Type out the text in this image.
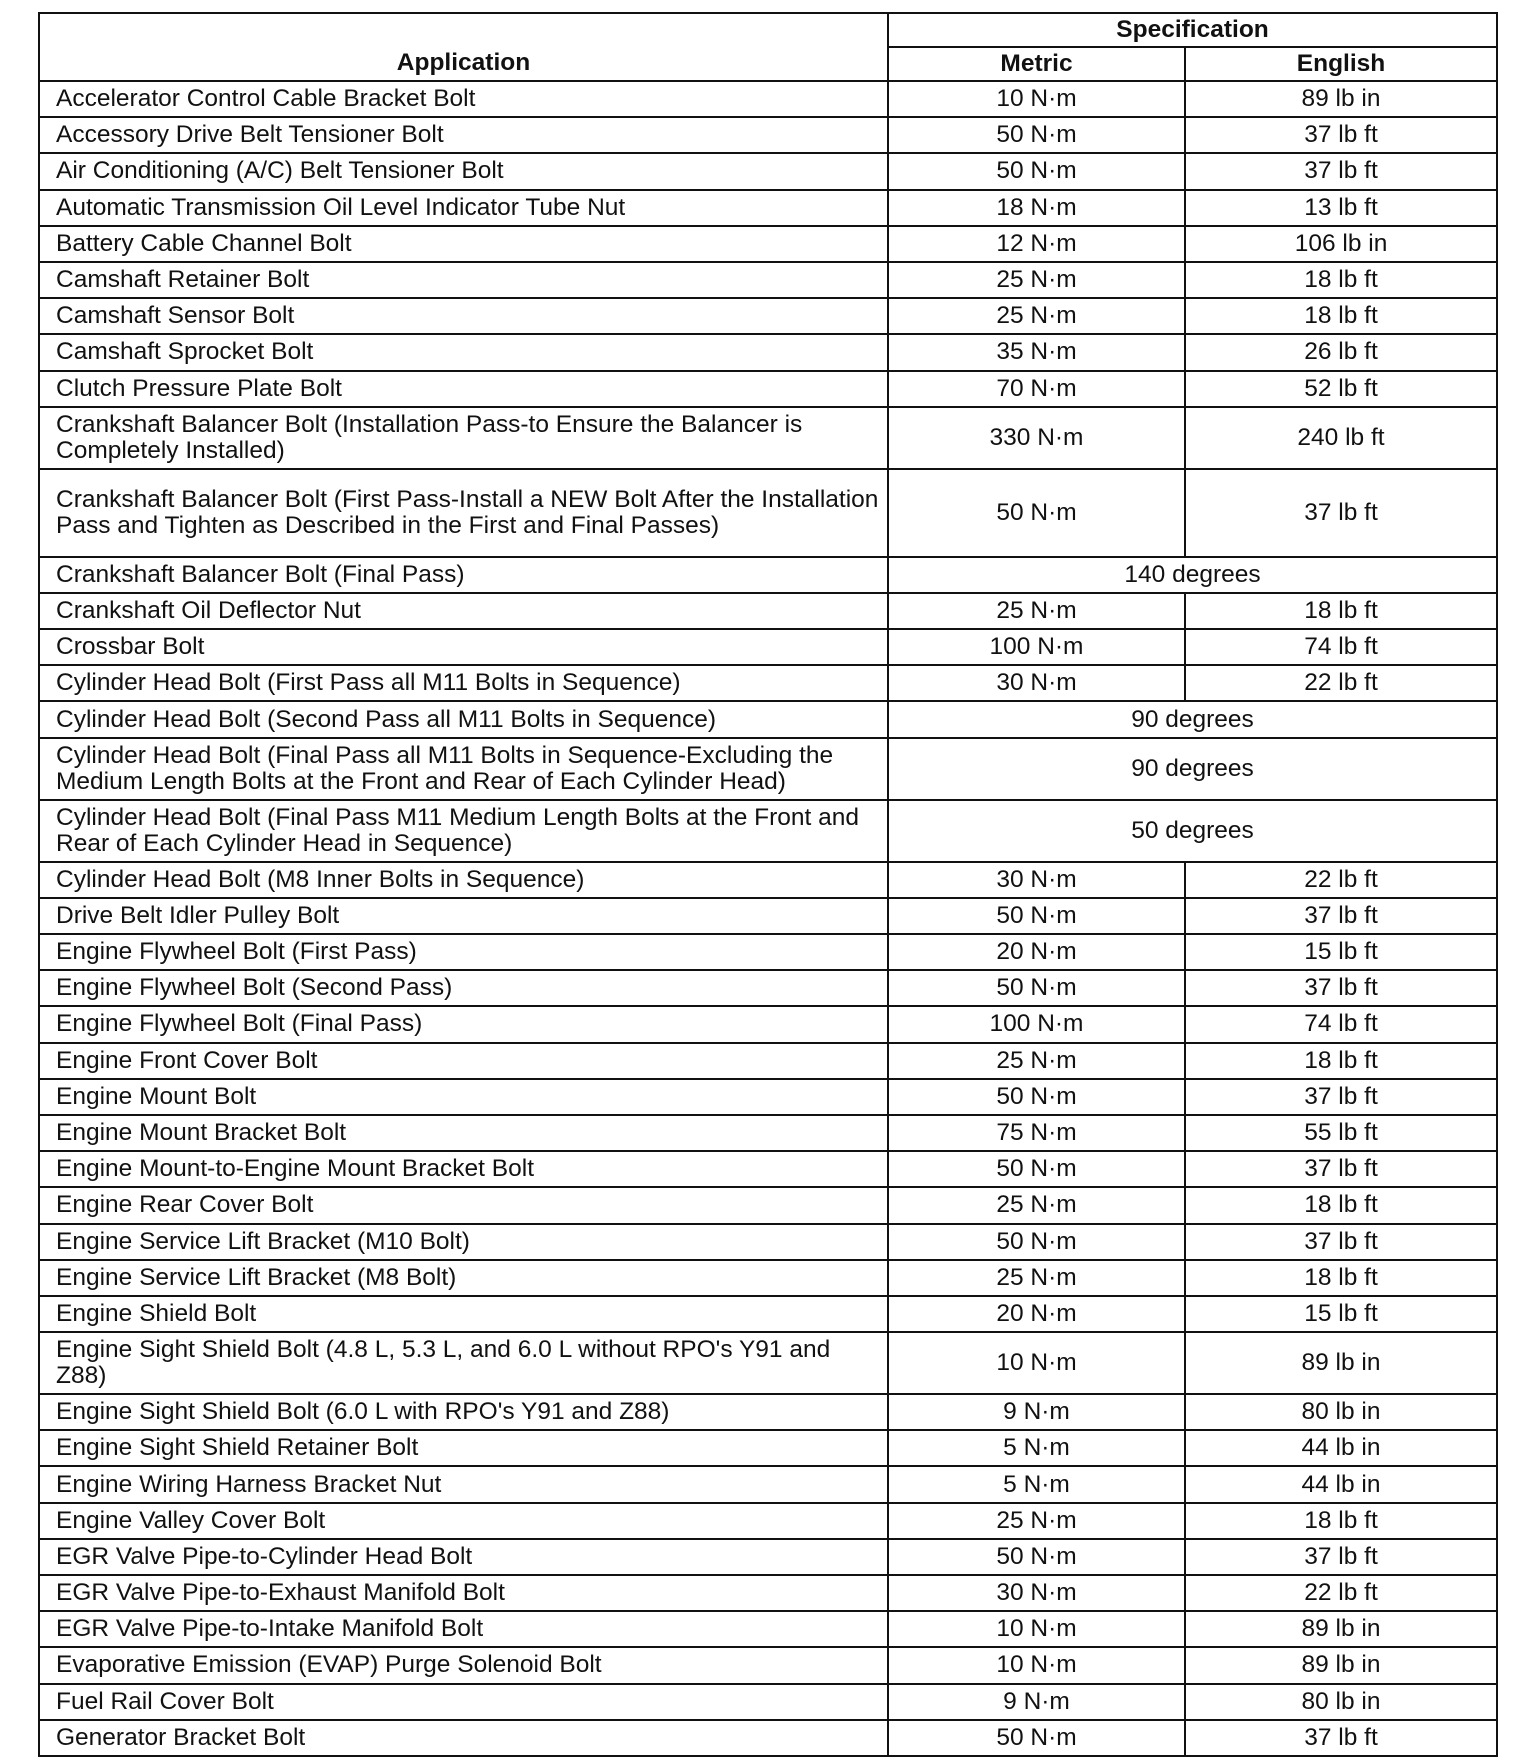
Application	Specification	
	Metric	English
Accelerator Control Cable Bracket Bolt	10 N·m	89 lb in
Accessory Drive Belt Tensioner Bolt	50 N·m	37 lb ft
Air Conditioning (A/C) Belt Tensioner Bolt	50 N·m	37 lb ft
Automatic Transmission Oil Level Indicator Tube Nut	18 N·m	13 lb ft
Battery Cable Channel Bolt	12 N·m	106 lb in
Camshaft Retainer Bolt	25 N·m	18 lb ft
Camshaft Sensor Bolt	25 N·m	18 lb ft
Camshaft Sprocket Bolt	35 N·m	26 lb ft
Clutch Pressure Plate Bolt	70 N·m	52 lb ft
Crankshaft Balancer Bolt (Installation Pass-to Ensure the Balancer is Completely Installed)	330 N·m	240 lb ft
Crankshaft Balancer Bolt (First Pass-Install a NEW Bolt After the Installation Pass and Tighten as Described in the First and Final Passes)	50 N·m	37 lb ft
Crankshaft Balancer Bolt (Final Pass)	140 degrees	
Crankshaft Oil Deflector Nut	25 N·m	18 lb ft
Crossbar Bolt	100 N·m	74 lb ft
Cylinder Head Bolt (First Pass all M11 Bolts in Sequence)	30 N·m	22 lb ft
Cylinder Head Bolt (Second Pass all M11 Bolts in Sequence)	90 degrees	
Cylinder Head Bolt (Final Pass all M11 Bolts in Sequence-Excluding the Medium Length Bolts at the Front and Rear of Each Cylinder Head)	90 degrees	
Cylinder Head Bolt (Final Pass M11 Medium Length Bolts at the Front and Rear of Each Cylinder Head in Sequence)	50 degrees	
Cylinder Head Bolt (M8 Inner Bolts in Sequence)	30 N·m	22 lb ft
Drive Belt Idler Pulley Bolt	50 N·m	37 lb ft
Engine Flywheel Bolt (First Pass)	20 N·m	15 lb ft
Engine Flywheel Bolt (Second Pass)	50 N·m	37 lb ft
Engine Flywheel Bolt (Final Pass)	100 N·m	74 lb ft
Engine Front Cover Bolt	25 N·m	18 lb ft
Engine Mount Bolt	50 N·m	37 lb ft
Engine Mount Bracket Bolt	75 N·m	55 lb ft
Engine Mount-to-Engine Mount Bracket Bolt	50 N·m	37 lb ft
Engine Rear Cover Bolt	25 N·m	18 lb ft
Engine Service Lift Bracket (M10 Bolt)	50 N·m	37 lb ft
Engine Service Lift Bracket (M8 Bolt)	25 N·m	18 lb ft
Engine Shield Bolt	20 N·m	15 lb ft
Engine Sight Shield Bolt (4.8 L, 5.3 L, and 6.0 L without RPO's Y91 and Z88)	10 N·m	89 lb in
Engine Sight Shield Bolt (6.0 L with RPO's Y91 and Z88)	9 N·m	80 lb in
Engine Sight Shield Retainer Bolt	5 N·m	44 lb in
Engine Wiring Harness Bracket Nut	5 N·m	44 lb in
Engine Valley Cover Bolt	25 N·m	18 lb ft
EGR Valve Pipe-to-Cylinder Head Bolt	50 N·m	37 lb ft
EGR Valve Pipe-to-Exhaust Manifold Bolt	30 N·m	22 lb ft
EGR Valve Pipe-to-Intake Manifold Bolt	10 N·m	89 lb in
Evaporative Emission (EVAP) Purge Solenoid Bolt	10 N·m	89 lb in
Fuel Rail Cover Bolt	9 N·m	80 lb in
Generator Bracket Bolt	50 N·m	37 lb ft
